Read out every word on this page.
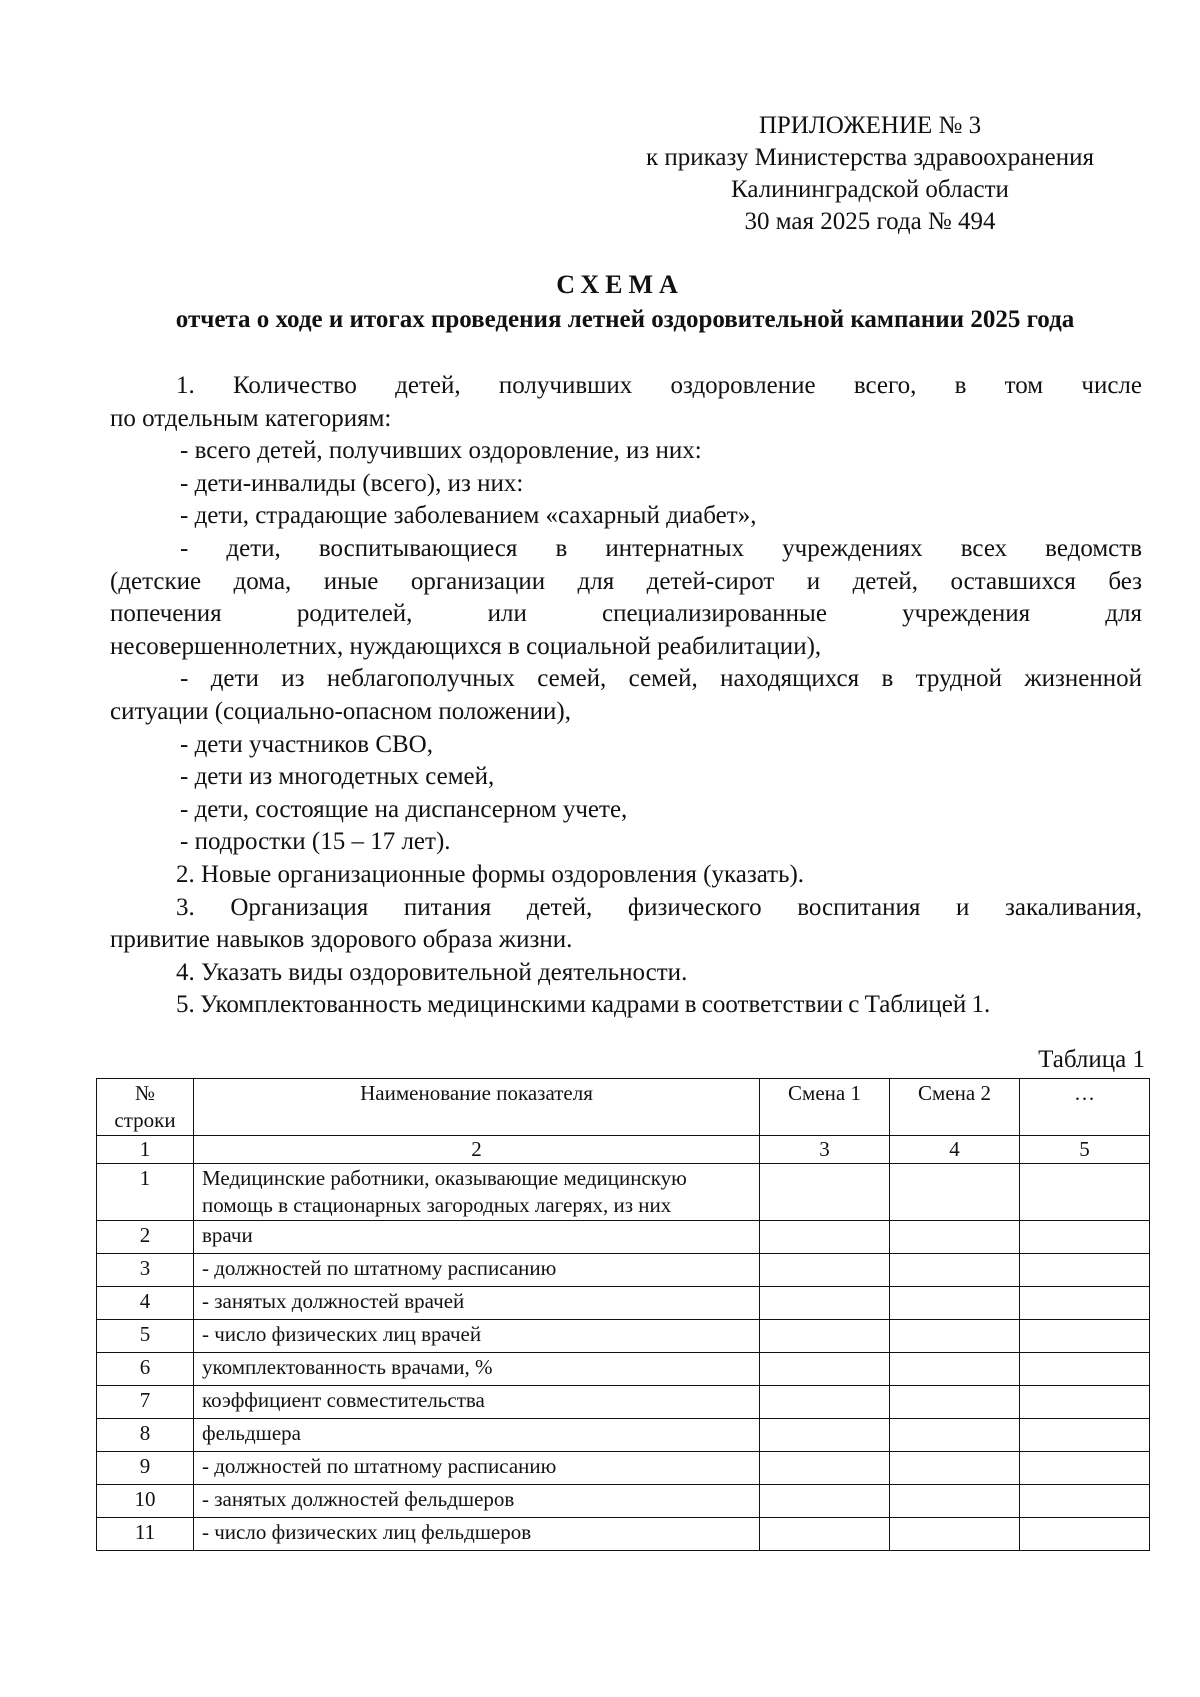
ПРИЛОЖЕНИЕ № 3
к приказу Министерства здравоохранения
Калининградской области
30 мая 2025 года № 494
СХЕМА
отчета о ходе и итогах проведения летней оздоровительной кампании 2025 года

1. Количество детей, получивших оздоровление всего, в том числе

по отдельным категориям:

- всего детей, получивших оздоровление, из них:

- дети-инвалиды (всего), из них:

- дети, страдающие заболеванием «сахарный диабет»,

- дети, воспитывающиеся в интернатных учреждениях всех ведомств

(детские дома, иные организации для детей-сирот и детей, оставшихся без

попечения родителей, или специализированные учреждения для

несовершеннолетних, нуждающихся в социальной реабилитации),

- дети из неблагополучных семей, семей, находящихся в трудной жизненной

ситуации (социально-опасном положении),

- дети участников СВО,

- дети из многодетных семей,

- дети, состоящие на диспансерном учете,

- подростки (15 – 17 лет).

2. Новые организационные формы оздоровления (указать).

3. Организация питания детей, физического воспитания и закаливания,

привитие навыков здорового образа жизни.

4. Указать виды оздоровительной деятельности.

5. Укомплектованность медицинскими кадрами в соответствии с Таблицей 1.

Таблица 1
№ строки	Наименование показателя	Смена 1	Смена 2	…
1	2	3	4	5
1	Медицинские работники, оказывающие медицинскую помощь в стационарных загородных лагерях, из них			
2	врачи			
3	- должностей по штатному расписанию			
4	- занятых должностей врачей			
5	- число физических лиц врачей			
6	укомплектованность врачами, %			
7	коэффициент совместительства			
8	фельдшера			
9	- должностей по штатному расписанию			
10	- занятых должностей фельдшеров			
11	- число физических лиц фельдшеров			
